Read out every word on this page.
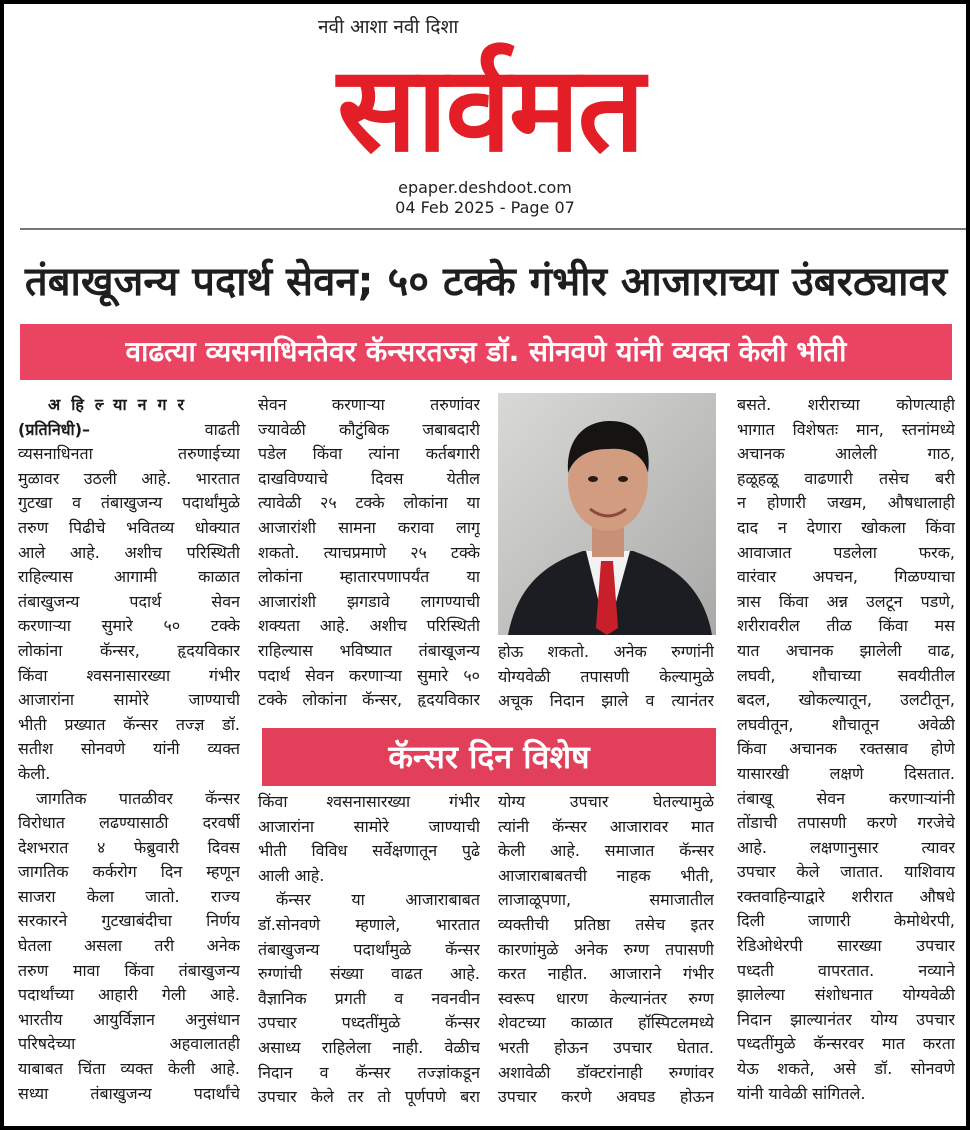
नवी आशा नवी दिशा
सार्वमत
epaper.deshdoot.com
04 Feb 2025 - Page 07
तंबाखूजन्य पदार्थ सेवन; ५० टक्के गंभीर आजाराच्या उंबरठ्यावर
वाढत्या व्यसनाधिनतेवर कॅन्सरतज्ज्ञ डॉ. सोनवणे यांनी व्यक्त केली भीती
अहिल्यानगर
(प्रतिनिधी)–	वाढती
व्यसनाधिनता तरुणाईच्या
मुळावर उठली आहे. भारतात
गुटखा व तंबाखुजन्य पदार्थांमुळे
तरुण पिढीचे भवितव्य धोक्यात
आले आहे. अशीच परिस्थिती
राहिल्यास आगामी काळात
तंबाखुजन्य पदार्थ सेवन
करणाऱ्या सुमारे ५० टक्के
लोकांना कॅन्सर, हृदयविकार
किंवा श्वसनासारख्या गंभीर
आजारांना सामोरे जाण्याची
भीती प्रख्यात कॅन्सर तज्ज्ञ डॉ.
सतीश सोनवणे यांनी व्यक्त
केली.
जागतिक पातळीवर कॅन्सर
विरोधात लढण्यासाठी दरवर्षी
देशभरात ४ फेब्रुवारी दिवस
जागतिक कर्करोग दिन म्हणून
साजरा केला जातो. राज्य
सरकारने गुटखाबंदीचा निर्णय
घेतला असला तरी अनेक
तरुण मावा किंवा तंबाखुजन्य
पदार्थांच्या आहारी गेली आहे.
भारतीय आयुर्विज्ञान अनुसंधान
परिषदेच्या अहवालातही
याबाबत चिंता व्यक्त केली आहे.
सध्या तंबाखुजन्य पदार्थांचे
सेवन करणाऱ्या तरुणांवर
ज्यावेळी कौटुंबिक जबाबदारी
पडेल किंवा त्यांना कर्तबगारी
दाखविण्याचे दिवस येतील
त्यावेळी २५ टक्के लोकांना या
आजारांशी सामना करावा लागू
शकतो. त्याचप्रमाणे २५ टक्के
लोकांना म्हातारपणापर्यंत या
आजारांशी झगडावे लागण्याची
शक्यता आहे. अशीच परिस्थिती
राहिल्यास भविष्यात तंबाखूजन्य
पदार्थ सेवन करणाऱ्या सुमारे ५०
टक्के लोकांना कॅन्सर, हृदयविकार
किंवा श्वसनासारख्या गंभीर
आजारांना सामोरे जाण्याची
भीती विविध सर्वेक्षणातून पुढे
आली आहे.
कॅन्सर या आजाराबाबत
डॉ.सोनवणे म्हणाले, भारतात
तंबाखुजन्य पदार्थांमुळे कॅन्सर
रुग्णांची संख्या वाढत आहे.
वैज्ञानिक प्रगती व नवनवीन
उपचार पध्दतींमुळे कॅन्सर
असाध्य राहिलेला नाही. वेळीच
निदान व कॅन्सर तज्ज्ञांकडून
उपचार केले तर तो पूर्णपणे बरा
होऊ शकतो. अनेक रुग्णांनी
योग्यवेळी तपासणी केल्यामुळे
अचूक निदान झाले व त्यानंतर
कॅन्सर दिन विशेष
योग्य उपचार घेतल्यामुळे
त्यांनी कॅन्सर आजारावर मात
केली आहे. समाजात कॅन्सर
आजाराबाबतची नाहक भीती,
लाजाळूपणा, समाजातील
व्यक्तीची प्रतिष्ठा तसेच इतर
कारणांमुळे अनेक रुग्ण तपासणी
करत नाहीत. आजाराने गंभीर
स्वरूप धारण केल्यानंतर रुग्ण
शेवटच्या काळात हॉस्पिटलमध्ये
भरती होऊन उपचार घेतात.
अशावेळी डॉक्टरांनाही रुग्णांवर
उपचार करणे अवघड होऊन
बसते. शरीराच्या कोणत्याही
भागात विशेषतः मान, स्तनांमध्ये
अचानक आलेली गाठ,
हळूहळू वाढणारी तसेच बरी
न होणारी जखम, औषधालाही
दाद न देणारा खोकला किंवा
आवाजात पडलेला फरक,
वारंवार अपचन, गिळण्याचा
त्रास किंवा अन्न उलटून पडणे,
शरीरावरील तीळ किंवा मस
यात अचानक झालेली वाढ,
लघवी, शौचाच्या सवयीतील
बदल, खोकल्यातून, उलटीतून,
लघवीतून, शौचातून अवेळी
किंवा अचानक रक्तस्राव होणे
यासारखी लक्षणे दिसतात.
तंबाखू सेवन करणाऱ्यांनी
तोंडाची तपासणी करणे गरजेचे
आहे. लक्षणानुसार त्यावर
उपचार केले जातात. याशिवाय
रक्तवाहिन्याद्वारे शरीरात औषधे
दिली जाणारी केमोथेरपी,
रेडिओथेरपी सारख्या उपचार
पध्दती वापरतात. नव्याने
झालेल्या संशोधनात योग्यवेळी
निदान झाल्यानंतर योग्य उपचार
पध्दतींमुळे कॅन्सरवर मात करता
येऊ शकते, असे डॉ. सोनवणे
यांनी यावेळी सांगितले.
